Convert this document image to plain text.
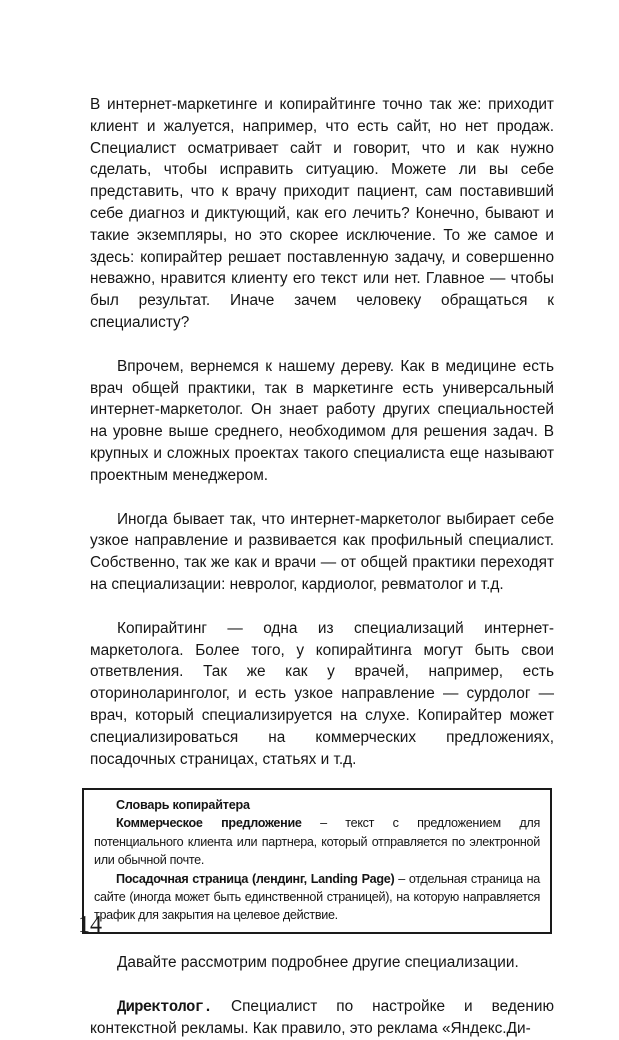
В интернет-маркетинге и копирайтинге точно так же: приходит клиент и жалуется, например, что есть сайт, но нет продаж. Специалист осматривает сайт и говорит, что и как нужно сделать, чтобы исправить ситуацию. Можете ли вы себе представить, что к врачу приходит пациент, сам поставивший себе диагноз и диктующий, как его лечить? Конечно, бывают и такие экземпляры, но это скорее исключение. То же самое и здесь: копирайтер решает поставленную задачу, и совершенно неважно, нравится клиенту его текст или нет. Главное — чтобы был результат. Иначе зачем человеку обращаться к специалисту?

Впрочем, вернемся к нашему дереву. Как в медицине есть врач общей практики, так в маркетинге есть универсальный интернет-маркетолог. Он знает работу других специальностей на уровне выше среднего, необходимом для решения задач. В крупных и сложных проектах такого специалиста еще называют проектным менеджером.

Иногда бывает так, что интернет-маркетолог выбирает себе узкое направление и развивается как профильный специалист. Собственно, так же как и врачи — от общей практики переходят на специализации: невролог, кардиолог, ревматолог и т.д.

Копирайтинг — одна из специализаций интернет-маркетолога. Более того, у копирайтинга могут быть свои ответвления. Так же как у врачей, например, есть оториноларинголог, и есть узкое направление — сурдолог — врач, который специализируется на слухе. Копирайтер может специализироваться на коммерческих предложениях, посадочных страницах, статьях и т.д.

Словарь копирайтера

Коммерческое предложение – текст с предложением для потенциального клиента или партнера, который отправляется по электронной или обычной почте.

Посадочная страница (лендинг, Landing Page) – отдельная страница на сайте (иногда может быть единственной страницей), на которую направляется трафик для закрытия на целевое действие.

Давайте рассмотрим подробнее другие специализации.

Директолог. Специалист по настройке и ведению контекстной рекламы. Как правило, это реклама «Яндекс.Ди-

14
